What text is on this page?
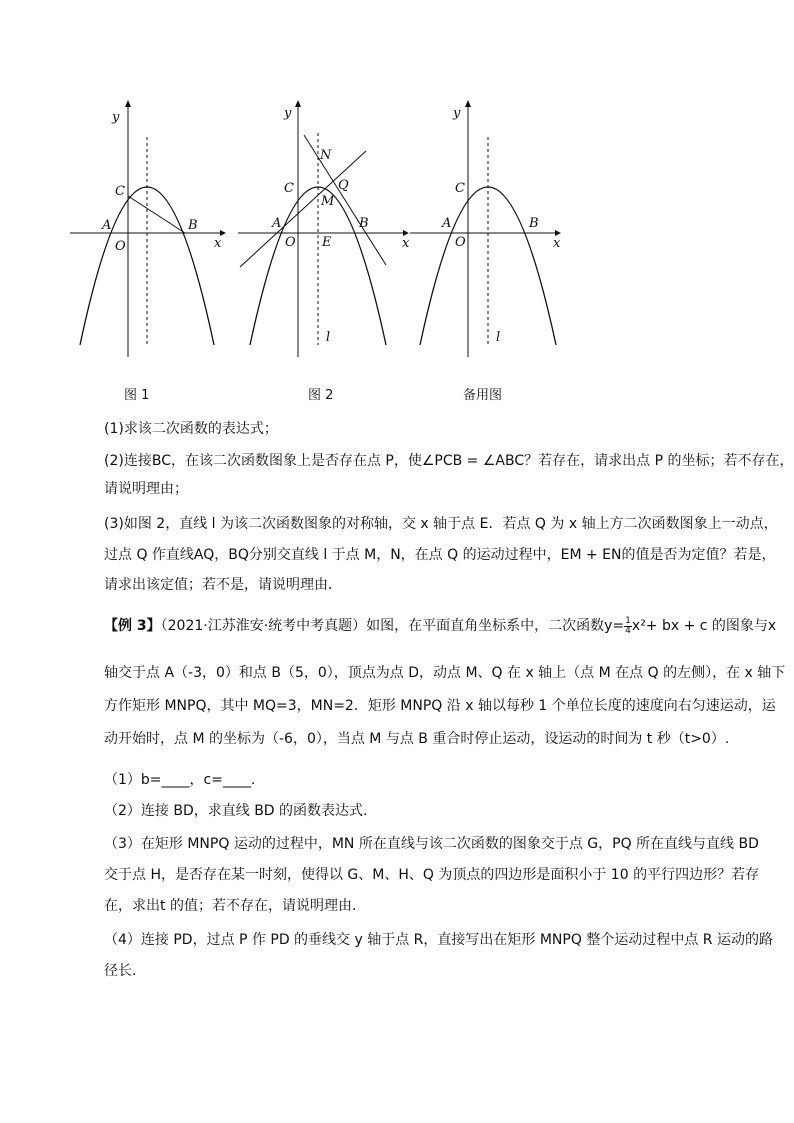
y
x
C
A
O
B
图 1
y
x
N
C	Q
M
A
O E
B
l
图 2
y
x
C
A
O
B
l
备用图
(1)求该二次函数的表达式；
(2)连接BC，在该二次函数图象上是否存在点 P，使∠PCB = ∠ABC？若存在，请求出点 P 的坐标；若不存在，
请说明理由；
(3)如图 2，直线 l 为该二次函数图象的对称轴，交 x 轴于点 E．若点 Q 为 x 轴上方二次函数图象上一动点，
过点 Q 作直线AQ，BQ分别交直线 l 于点 M，N，在点 Q 的运动过程中，EM + EN的值是否为定值？若是，
请求出该定值；若不是，请说明理由．
【例 3】（2021·江苏淮安·统考中考真题）如图，在平面直角坐标系中，二次函数$y= \frac{1}{4} x^2+$ bx + c 的图象与x
轴交于点 A（-3，0）和点 B（5，0），顶点为点 D，动点 M、Q 在 x 轴上（点 M 在点 Q 的左侧），在 x 轴下
方作矩形 MNPQ，其中 MQ=3，MN=2．矩形 MNPQ 沿 x 轴以每秒 1 个单位长度的速度向右匀速运动，运
动开始时，点 M 的坐标为（-6，0），当点 M 与点 B 重合时停止运动，设运动的时间为 t 秒（t>0）.
（1）b=____，c=____.
（2）连接 BD，求直线 BD 的函数表达式.
（3）在矩形 MNPQ 运动的过程中，MN 所在直线与该二次函数的图象交于点 G，PQ 所在直线与直线 BD
交于点 H，是否存在某一时刻，使得以 G、M、H、Q 为顶点的四边形是面积小于 10 的平行四边形？若存
在，求出t 的值；若不存在，请说明理由.
（4）连接 PD，过点 P 作 PD 的垂线交 y 轴于点 R，直接写出在矩形 MNPQ 整个运动过程中点 R 运动的路
径长.
